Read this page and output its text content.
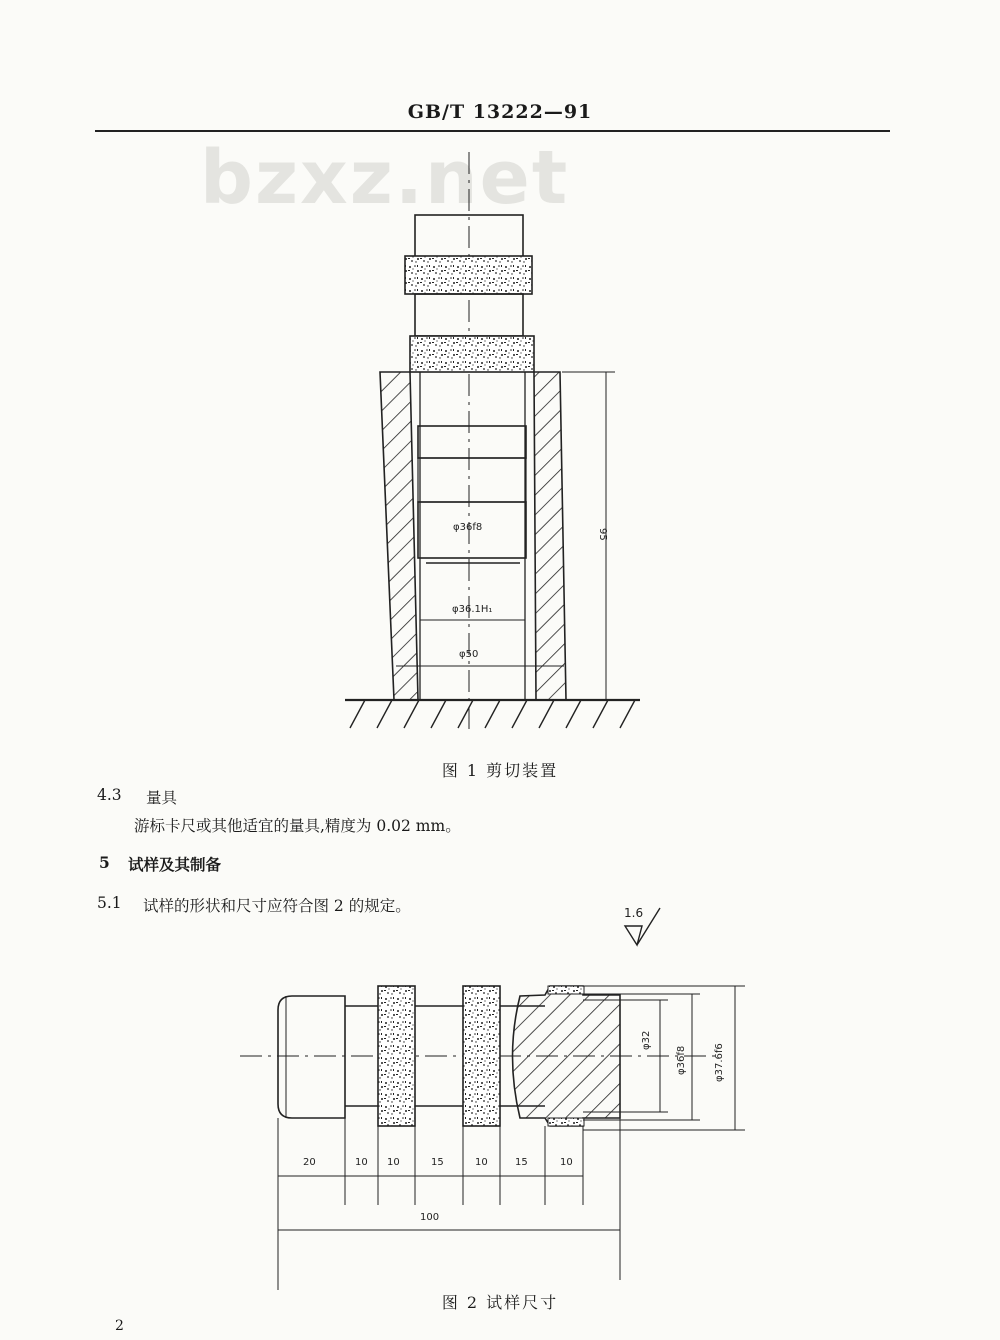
GB/T 13222—91
bzxz.net
95
φ36f8
φ36.1H₁
φ50
图 1 剪切装置
4.3 量具
游标卡尺或其他适宜的量具,精度为 0.02 mm。
5 试样及其制备
5.1 试样的形状和尺寸应符合图 2 的规定。	1.6
φ32
φ36f8	φ37.6f6
20	10 10	15	10	15	10
100
图 2 试样尺寸
2
